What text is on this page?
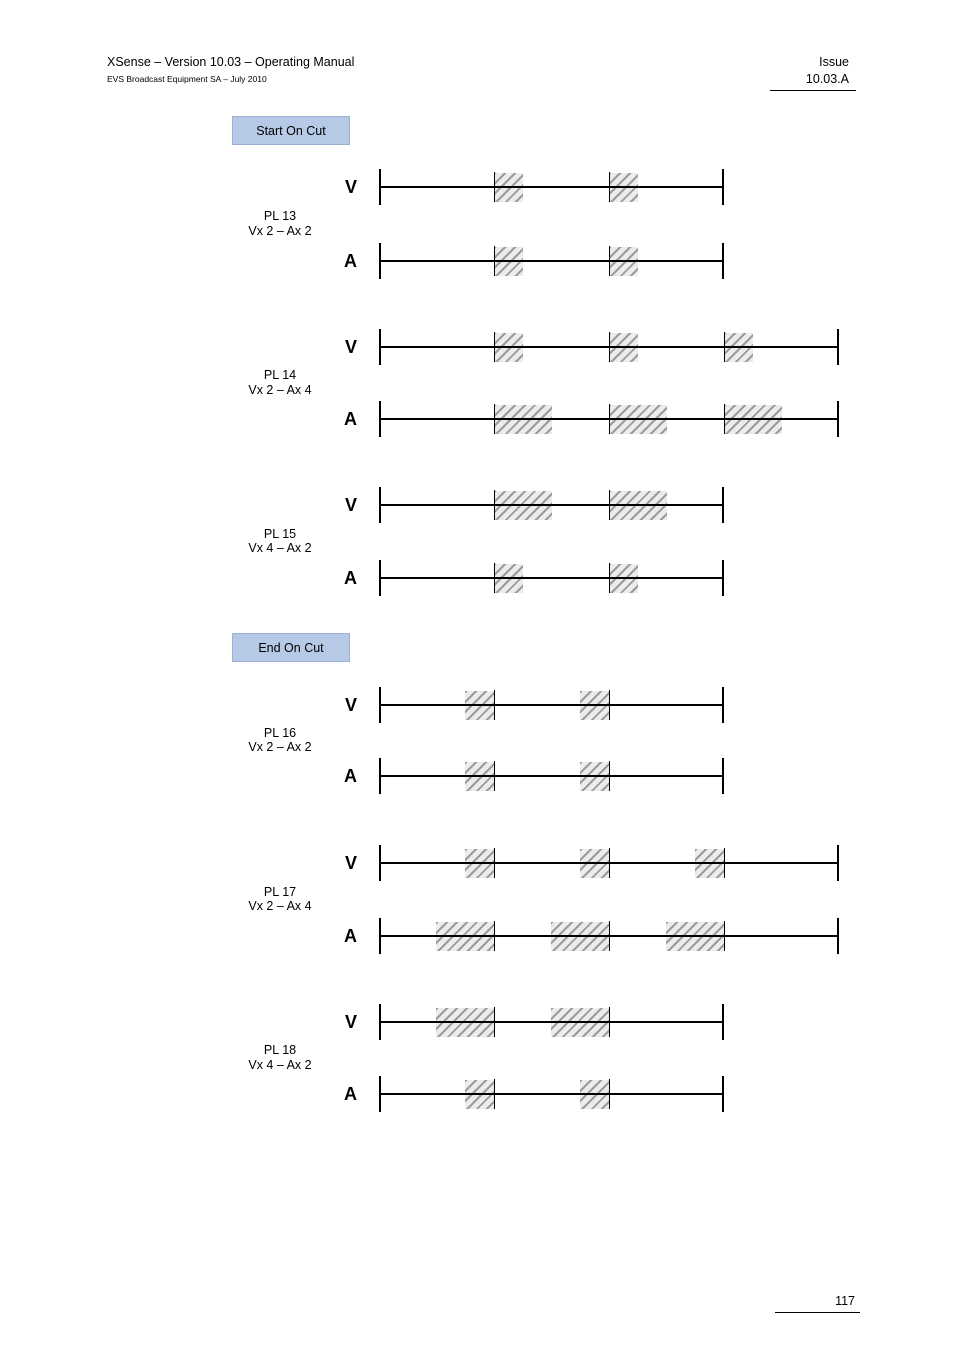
XSense – Version 10.03 – Operating Manual
EVS Broadcast Equipment SA – July 2010
Issue
10.03.A
Start On Cut
PL 13
Vx 2 – Ax 2
V
A
PL 14
Vx 2 – Ax 4
V
A
PL 15
Vx 4 – Ax 2
V
A
End On Cut
PL 16
Vx 2 – Ax 2
V
A
PL 17
Vx 2 – Ax 4
V
A
PL 18
Vx 4 – Ax 2
V
A
117
